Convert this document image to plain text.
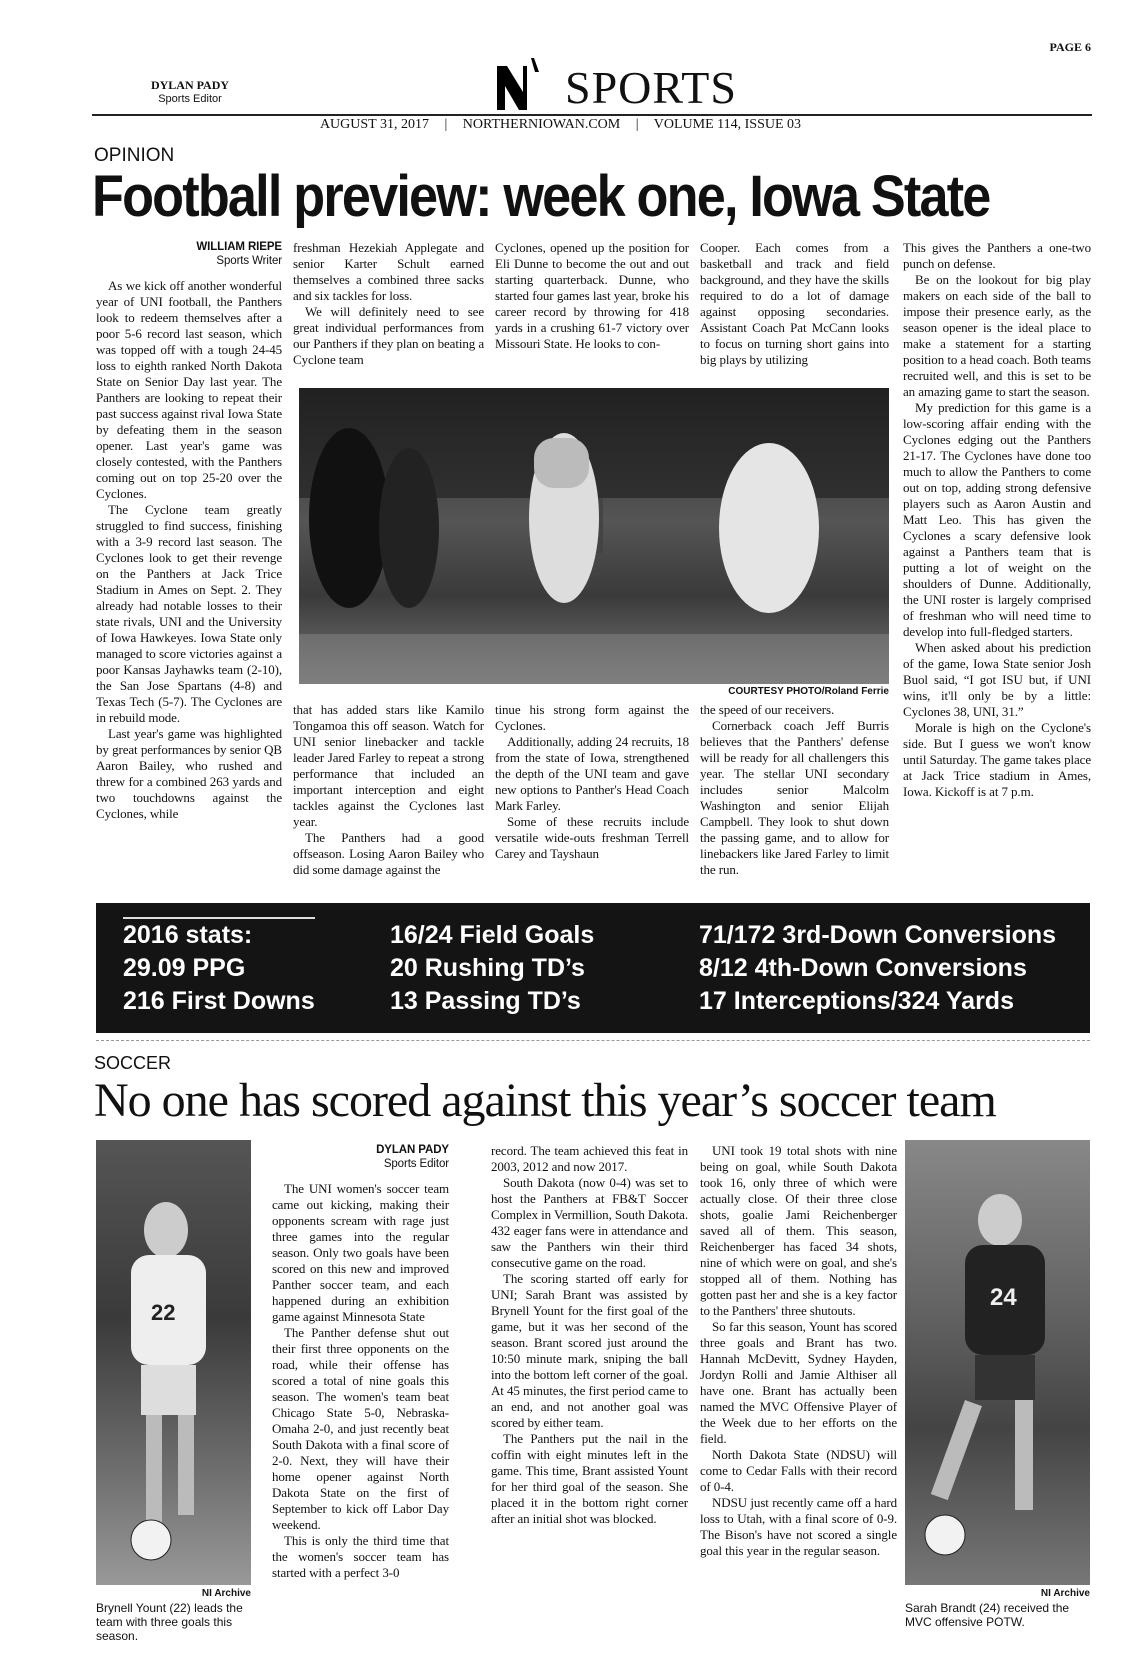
DYLAN PADY
Sports Editor	SPORTS
PAGE 6
AUGUST 31, 2017 | NORTHERNIOWAN.COM | VOLUME 114, ISSUE 03
OPINION
Football preview: week one, Iowa State
WILLIAM RIEPE
Sports Writer

As we kick off another wonderful year of UNI football, the Panthers look to redeem themselves after a poor 5-6 record last season, which was topped off with a tough 24-45 loss to eighth ranked North Dakota State on Senior Day last year. The Panthers are looking to repeat their past success against rival Iowa State by defeating them in the season opener. Last year's game was closely contested, with the Panthers coming out on top 25-20 over the Cyclones.

The Cyclone team greatly struggled to find success, finishing with a 3-9 record last season. The Cyclones look to get their revenge on the Panthers at Jack Trice Stadium in Ames on Sept. 2. They already had notable losses to their state rivals, UNI and the University of Iowa Hawkeyes. Iowa State only managed to score victories against a poor Kansas Jayhawks team (2-10), the San Jose Spartans (4-8) and Texas Tech (5-7). The Cyclones are in rebuild mode.

Last year's game was highlighted by great performances by senior QB Aaron Bailey, who rushed and threw for a combined 263 yards and two touchdowns against the Cyclones, while

freshman Hezekiah Applegate and senior Karter Schult earned themselves a combined three sacks and six tackles for loss.

We will definitely need to see great individual performances from our Panthers if they plan on beating a Cyclone team

Cyclones, opened up the position for Eli Dunne to become the out and out starting quarterback. Dunne, who started four games last year, broke his career record by throwing for 418 yards in a crushing 61-7 victory over Missouri State. He looks to con-

Cooper. Each comes from a basketball and track and field background, and they have the skills required to do a lot of damage against opposing secondaries. Assistant Coach Pat McCann looks to focus on turning short gains into big plays by utilizing

COURTESY PHOTO/Roland Ferrie

that has added stars like Kamilo Tongamoa this off season. Watch for UNI senior linebacker and tackle leader Jared Farley to repeat a strong performance that included an important interception and eight tackles against the Cyclones last year.

The Panthers had a good offseason. Losing Aaron Bailey who did some damage against the

tinue his strong form against the Cyclones.

Additionally, adding 24 recruits, 18 from the state of Iowa, strengthened the depth of the UNI team and gave new options to Panther's Head Coach Mark Farley.

Some of these recruits include versatile wide-outs freshman Terrell Carey and Tayshaun

the speed of our receivers.

Cornerback coach Jeff Burris believes that the Panthers' defense will be ready for all challengers this year. The stellar UNI secondary includes senior Malcolm Washington and senior Elijah Campbell. They look to shut down the passing game, and to allow for linebackers like Jared Farley to limit the run.

This gives the Panthers a one-two punch on defense.

Be on the lookout for big play makers on each side of the ball to impose their presence early, as the season opener is the ideal place to make a statement for a starting position to a head coach. Both teams recruited well, and this is set to be an amazing game to start the season.

My prediction for this game is a low-scoring affair ending with the Cyclones edging out the Panthers 21-17. The Cyclones have done too much to allow the Panthers to come out on top, adding strong defensive players such as Aaron Austin and Matt Leo. This has given the Cyclones a scary defensive look against a Panthers team that is putting a lot of weight on the shoulders of Dunne. Additionally, the UNI roster is largely comprised of freshman who will need time to develop into full-fledged starters.

When asked about his prediction of the game, Iowa State senior Josh Buol said, “I got ISU but, if UNI wins, it'll only be by a little: Cyclones 38, UNI, 31.”

Morale is high on the Cyclone's side. But I guess we won't know until Saturday. The game takes place at Jack Trice stadium in Ames, Iowa. Kickoff is at 7 p.m.

2016 stats:
29.09 PPG
216 First Downs
16/24 Field Goals
20 Rushing TD’s
13 Passing TD’s
71/172 3rd-Down Conversions
8/12 4th-Down Conversions
17 Interceptions/324 Yards
SOCCER
No one has scored against this year’s soccer team
22
NI Archive
Brynell Yount (22) leads the team with three goals this season.
DYLAN PADY
Sports Editor

The UNI women's soccer team came out kicking, making their opponents scream with rage just three games into the regular season. Only two goals have been scored on this new and improved Panther soccer team, and each happened during an exhibition game against Minnesota State

The Panther defense shut out their first three opponents on the road, while their offense has scored a total of nine goals this season. The women's team beat Chicago State 5-0, Nebraska-Omaha 2-0, and just recently beat South Dakota with a final score of 2-0. Next, they will have their home opener against North Dakota State on the first of September to kick off Labor Day weekend.

This is only the third time that the women's soccer team has started with a perfect 3-0

record. The team achieved this feat in 2003, 2012 and now 2017.

South Dakota (now 0-4) was set to host the Panthers at FB&T Soccer Complex in Vermillion, South Dakota. 432 eager fans were in attendance and saw the Panthers win their third consecutive game on the road.

The scoring started off early for UNI; Sarah Brant was assisted by Brynell Yount for the first goal of the game, but it was her second of the season. Brant scored just around the 10:50 minute mark, sniping the ball into the bottom left corner of the goal. At 45 minutes, the first period came to an end, and not another goal was scored by either team.

The Panthers put the nail in the coffin with eight minutes left in the game. This time, Brant assisted Yount for her third goal of the season. She placed it in the bottom right corner after an initial shot was blocked.

UNI took 19 total shots with nine being on goal, while South Dakota took 16, only three of which were actually close. Of their three close shots, goalie Jami Reichenberger saved all of them. This season, Reichenberger has faced 34 shots, nine of which were on goal, and she's stopped all of them. Nothing has gotten past her and she is a key factor to the Panthers' three shutouts.

So far this season, Yount has scored three goals and Brant has two. Hannah McDevitt, Sydney Hayden, Jordyn Rolli and Jamie Althiser all have one. Brant has actually been named the MVC Offensive Player of the Week due to her efforts on the field.

North Dakota State (NDSU) will come to Cedar Falls with their record of 0-4.

NDSU just recently came off a hard loss to Utah, with a final score of 0-9. The Bison's have not scored a single goal this year in the regular season.

24
NI Archive
Sarah Brandt (24) received the MVC offensive POTW.
